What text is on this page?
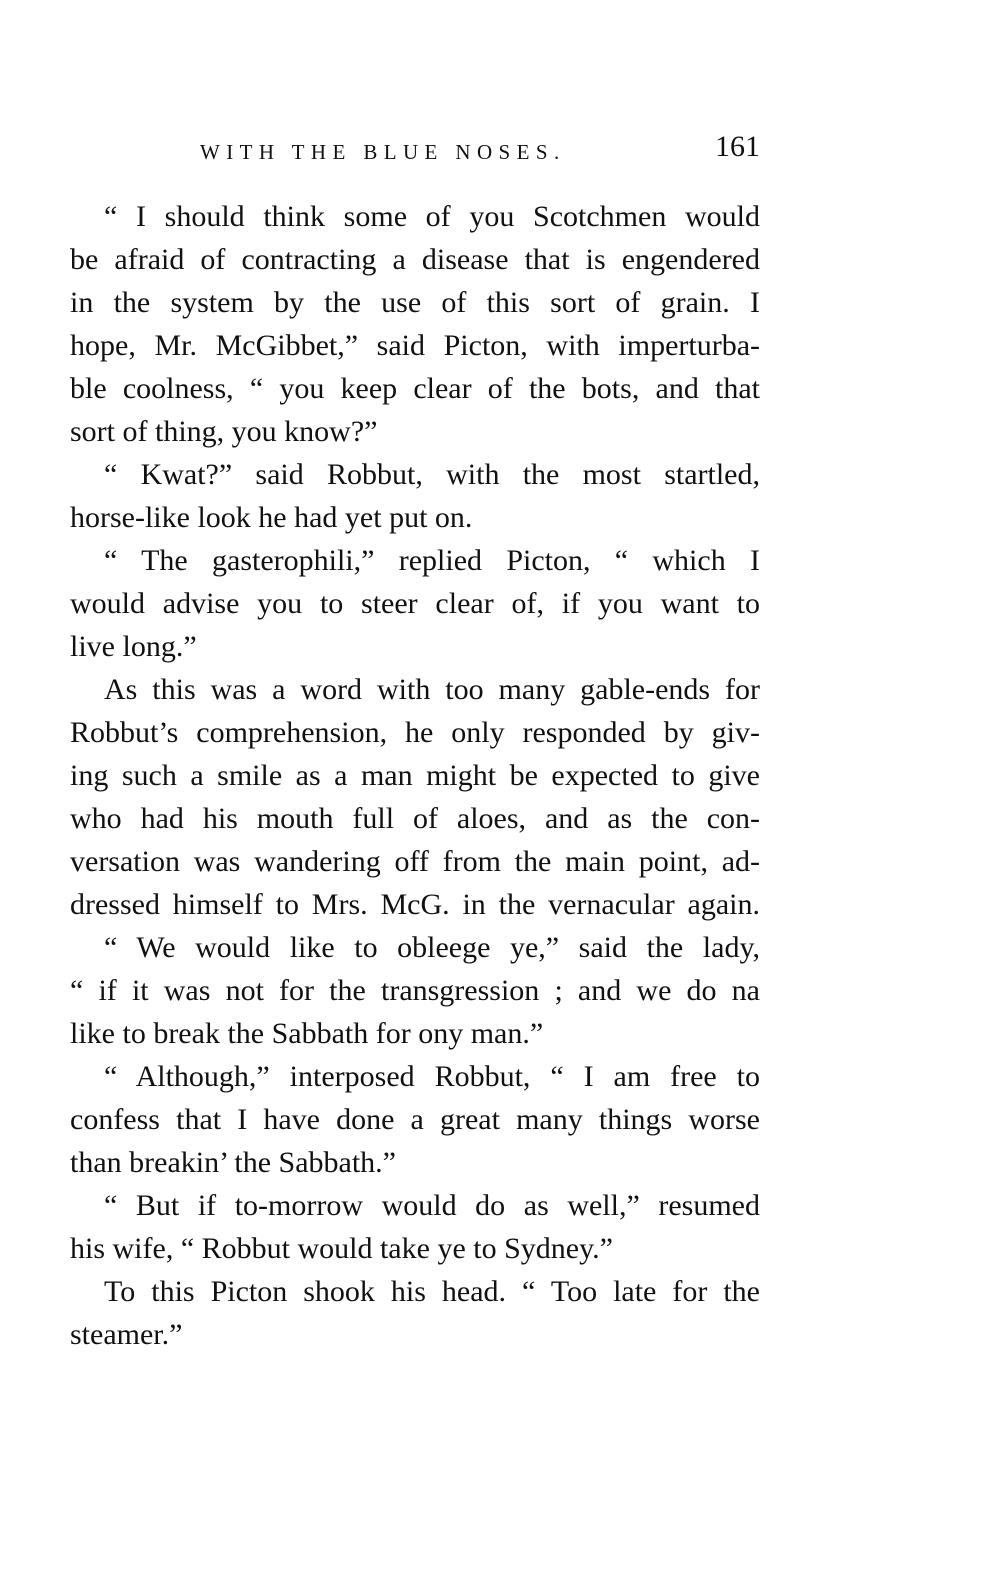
WITH THE BLUE NOSES.	161
“ I should think some of you Scotchmen would
be afraid of contracting a disease that is engendered
in the system by the use of this sort of grain. I
hope, Mr. McGibbet,” said Picton, with imperturba-
ble coolness, “ you keep clear of the bots, and that
sort of thing, you know?”
“ Kwat?” said Robbut, with the most startled,
horse-like look he had yet put on.
“ The gasterophili,” replied Picton, “ which I
would advise you to steer clear of, if you want to
live long.”
As this was a word with too many gable-ends for
Robbut’s comprehension, he only responded by giv-
ing such a smile as a man might be expected to give
who had his mouth full of aloes, and as the con-
versation was wandering off from the main point, ad-
dressed himself to Mrs. McG. in the vernacular again.
“ We would like to obleege ye,” said the lady,
“ if it was not for the transgression ; and we do na
like to break the Sabbath for ony man.”
“ Although,” interposed Robbut, “ I am free to
confess that I have done a great many things worse
than breakin’ the Sabbath.”
“ But if to-morrow would do as well,” resumed
his wife, “ Robbut would take ye to Sydney.”
To this Picton shook his head. “ Too late for the
steamer.”
